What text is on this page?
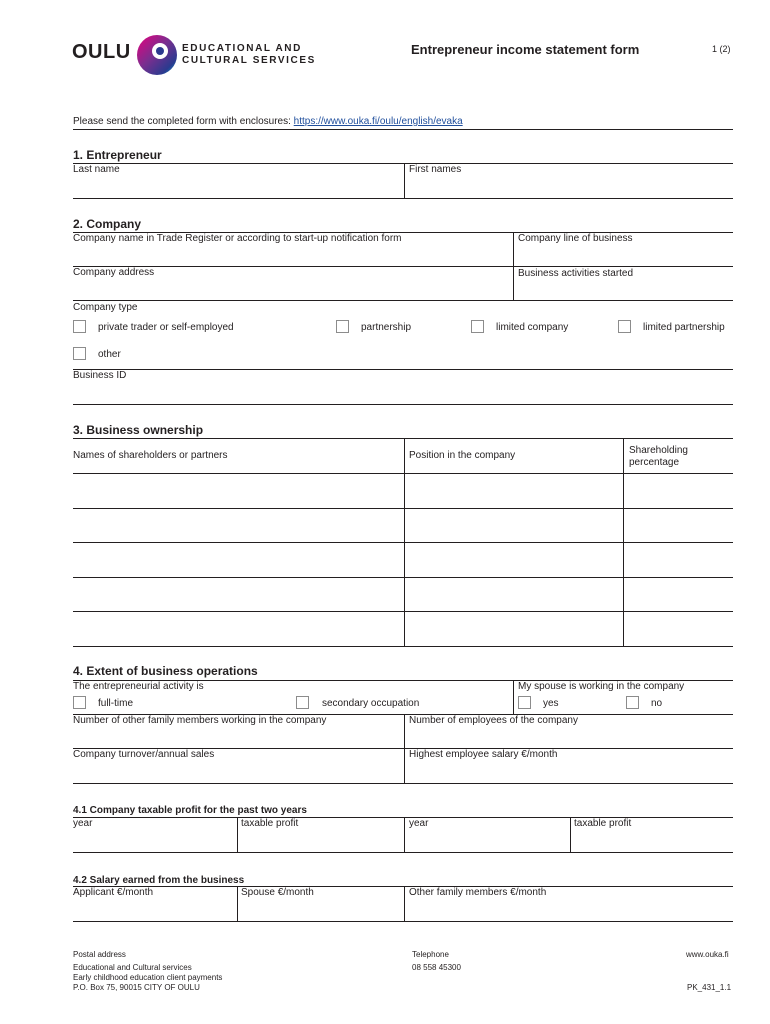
OULU	EDUCATIONAL AND
CULTURAL SERVICES
Entrepreneur income statement form	1 (2)
Please send the completed form with enclosures: https://www.ouka.fi/oulu/english/evaka
1. Entrepreneur
Last name	First names
2. Company
Company name in Trade Register or according to start-up notification form	Company line of business
Company address	Business activities started
Company type
private trader or self-employed	partnership	limited company	limited partnership
other
Business ID
3. Business ownership
Names of shareholders or partners	Position in the company	Shareholding
percentage
4. Extent of business operations
The entrepreneurial activity is	My spouse is working in the company
full-time	secondary occupation	yes	no
Number of other family members working in the company	Number of employees of the company
Company turnover/annual sales	Highest employee salary €/month
4.1 Company taxable profit for the past two years
year	taxable profit	year	taxable profit
4.2 Salary earned from the business
Applicant €/month	Spouse €/month	Other family members €/month
Postal address
Educational and Cultural services
Early childhood education client payments
P.O. Box 75, 90015 CITY OF OULU
Telephone
08 558 45300
www.ouka.fi
PK_431_1.1
